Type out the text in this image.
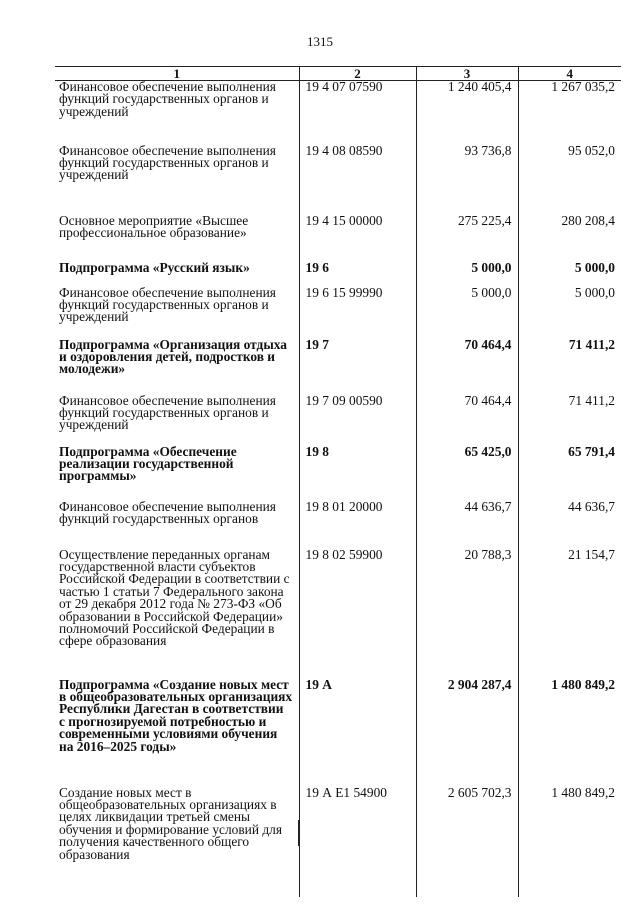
1315
1	2	3	4
Финансовое обеспечение выполнения функций государственных органов и учреждений	19 4 07 07590	1 240 405,4	1 267 035,2
Финансовое обеспечение выполнения функций государственных органов и учреждений	19 4 08 08590	93 736,8	95 052,0
Основное мероприятие «Высшее профессиональное образование»	19 4 15 00000	275 225,4	280 208,4
Подпрограмма «Русский язык»	19 6	5 000,0	5 000,0
Финансовое обеспечение выполнения функций государственных органов и учреждений	19 6 15 99990	5 000,0	5 000,0
Подпрограмма «Организация отдыха и оздоровления детей, подростков и молодежи»	19 7	70 464,4	71 411,2
Финансовое обеспечение выполнения функций государственных органов и учреждений	19 7 09 00590	70 464,4	71 411,2
Подпрограмма «Обеспечение реализации государственной программы»	19 8	65 425,0	65 791,4
Финансовое обеспечение выполнения функций государственных органов	19 8 01 20000	44 636,7	44 636,7
Осуществление переданных органам государственной власти субъектов Российской Федерации в соответствии с частью 1 статьи 7 Федерального закона от 29 декабря 2012 года № 273-ФЗ «Об образовании в Российской Федерации» полномочий Российской Федерации в сфере образования	19 8 02 59900	20 788,3	21 154,7
Подпрограмма «Создание новых мест в общеобразовательных организациях Республики Дагестан в соответствии с прогнозируемой потребностью и современными условиями обучения на 2016–2025 годы»	19 А	2 904 287,4	1 480 849,2
Создание новых мест в общеобразовательных организациях в целях ликвидации третьей смены обучения и формирование условий для получения качественного общего образования	19 А Е1 54900	2 605 702,3	1 480 849,2
